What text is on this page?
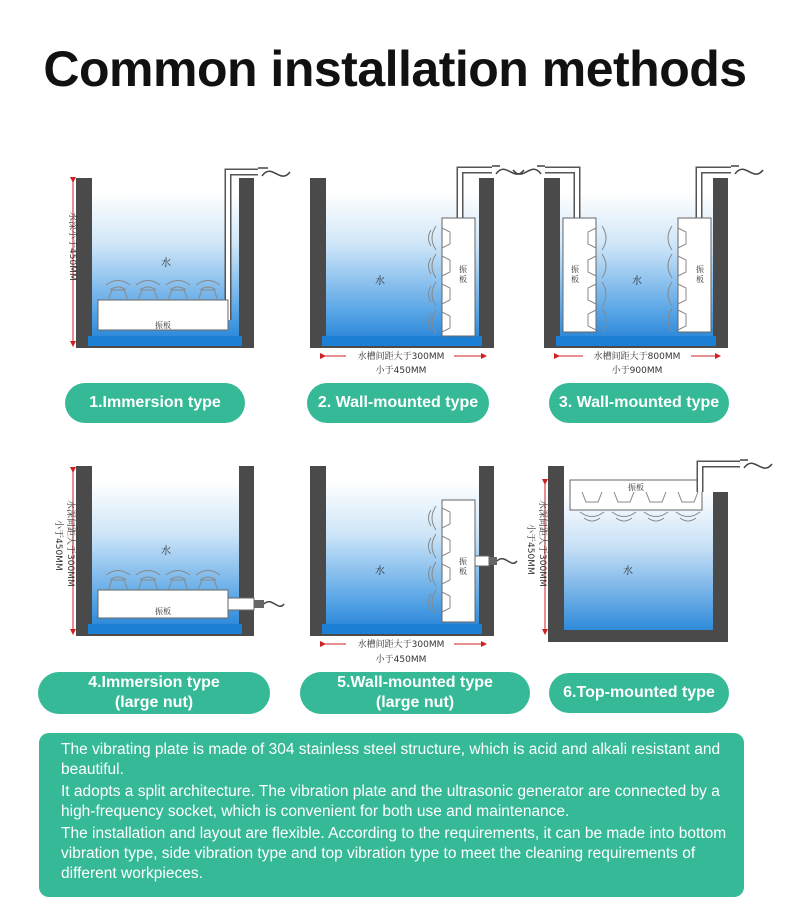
Common installation methods
振板
水
水深小于450MM	振
板
水
水槽间距大于300MM
小于450MM
振
板
振
板
水
水槽间距大于800MM
小于900MM
振板
水
水深间距大于300MM
小于450MM	振
板
水
水槽间距大于300MM
小于450MM
振板
水
水深间距大于300MM
小于450MM
1.Immersion type	2. Wall-mounted type	3. Wall-mounted type
4.Immersion type
(large nut)
5.Wall-mounted type
(large nut)
6.Top-mounted type

The vibrating plate is made of 304 stainless steel structure, which is acid and alkali resistant and beautiful.

It adopts a split architecture. The vibration plate and the ultrasonic generator are connected by a high-frequency socket, which is convenient for both use and maintenance.

The installation and layout are flexible. According to the requirements, it can be made into bottom vibration type, side vibration type and top vibration type to meet the cleaning requirements of different workpieces.
